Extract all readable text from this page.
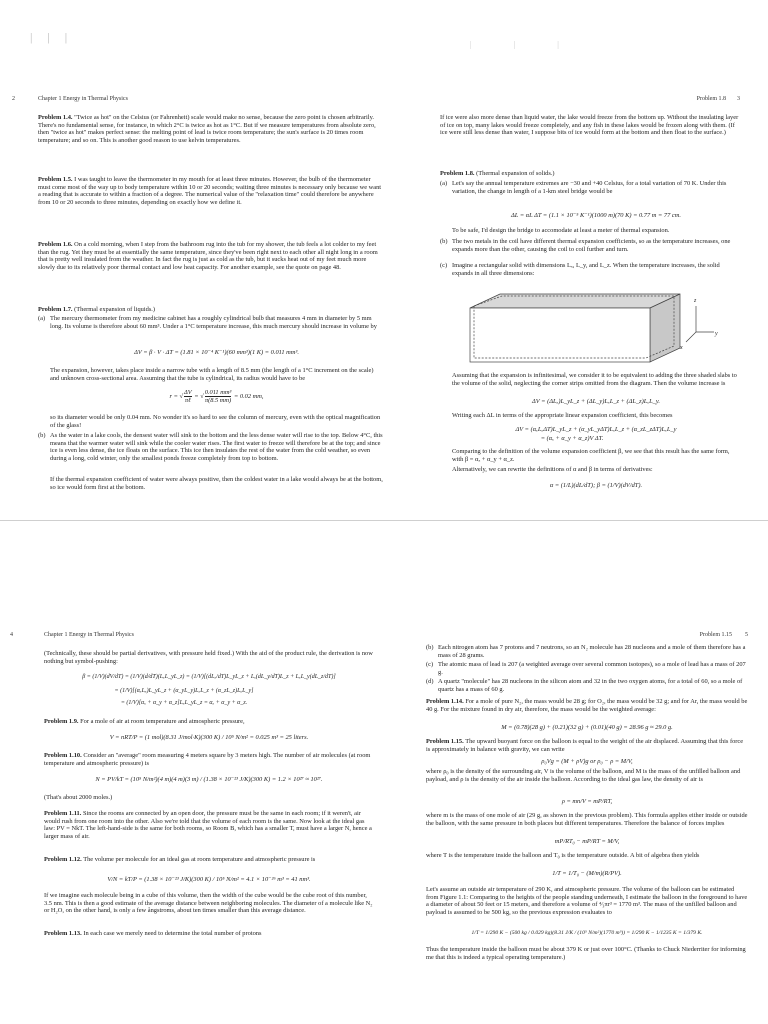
| | |
| | |
2	Chapter 1 Energy in Thermal Physics

Problem 1.4. "Twice as hot" on the Celsius (or Fahrenheit) scale would make no sense, because the zero point is chosen arbitrarily. There's no fundamental sense, for instance, in which 2°C is twice as hot as 1°C. But if we measure temperatures from absolute zero, then "twice as hot" makes perfect sense: the melting point of lead is twice room temperature; the sun's surface is 20 times room temperature; and so on. This is another good reason to use kelvin temperatures.

Problem 1.5. I was taught to leave the thermometer in my mouth for at least three minutes. However, the bulb of the thermometer must come most of the way up to body temperature within 10 or 20 seconds; waiting three minutes is necessary only because we want a reading that is accurate to within a fraction of a degree. The numerical value of the "relaxation time" could therefore be anywhere from 10 or 20 seconds to three minutes, depending on exactly how we define it.

Problem 1.6. On a cold morning, when I step from the bathroom rug into the tub for my shower, the tub feels a lot colder to my feet than the rug. Yet they must be at essentially the same temperature, since they've been right next to each other all night long in a room that is pretty well insulated from the weather. In fact the rug is just as cold as the tub, but it sucks heat out of my feet much more slowly due to its relatively poor thermal contact and low heat capacity. For another example, see the quote on page 48.

Problem 1.7. (Thermal expansion of liquids.)

(a) The mercury thermometer from my medicine cabinet has a roughly cylindrical bulb that measures 4 mm in diameter by 5 mm long. Its volume is therefore about 60 mm³. Under a 1°C temperature increase, this much mercury should increase in volume by
ΔV = β · V · ΔT = (1.81 × 10⁻⁴ K⁻¹)(60 mm³)(1 K) = 0.011 mm³.
The expansion, however, takes place inside a narrow tube with a length of 8.5 mm (the length of a 1°C increment on the scale) and unknown cross-sectional area. Assuming that the tube is cylindrical, its radius would have to be
r = √ $\frac{\Delta V}{\text{πℓ}}$ = √ $\frac{\text{0.011 mm³}}{\pi(8.5 mm)} = 0.02$ mm,
so its diameter would be only 0.04 mm. No wonder it's so hard to see the column of mercury, even with the optical magnification of the glass!
(b) As the water in a lake cools, the densest water will sink to the bottom and the less dense water will rise to the top. Below 4°C, this means that the warmer water will sink while the cooler water rises. The first water to freeze will therefore be at the top; and since ice is even less dense, the ice floats on the surface. This ice then insulates the rest of the water from the cold weather, so even during a long, cold winter, only the smallest ponds freeze completely from top to bottom.
If the thermal expansion coefficient of water were always positive, then the coldest water in a lake would always be at the bottom, so ice would form first at the bottom.
Problem 1.8 3
If ice were also more dense than liquid water, the lake would freeze from the bottom up. Without the insulating layer of ice on top, many lakes would freeze completely, and any fish in these lakes would be frozen along with them. (If ice were still less dense than water, I suppose bits of ice would form at the bottom and then float to the surface.)

Problem 1.8. (Thermal expansion of solids.)

(a) Let's say the annual temperature extremes are −30 and +40 Celsius, for a total variation of 70 K. Under this variation, the change in length of a 1-km steel bridge would be
ΔL = αL ΔT = (1.1 × 10⁻⁵ K⁻¹)(1000 m)(70 K) = 0.77 m = 77 cm.
To be safe, I'd design the bridge to accomodate at least a meter of thermal expansion.
(b) The two metals in the coil have different thermal expansion coefficients, so as the temperature increases, one expands more than the other, causing the coil to coil further and turn.
(c) Imagine a rectangular solid with dimensions Lₓ, L_y, and L_z. When the temperature increases, the solid expands in all three dimensions:
z
y
x
Assuming that the expansion is infinitesimal, we consider it to be equivalent to adding the three shaded slabs to the volume of the solid, neglecting the corner strips omitted from the diagram. Then the volume increase is
ΔV = (ΔLₓ)L_yL_z + (ΔL_y)LₓL_z + (ΔL_z)LₓL_y.
Writing each ΔL in terms of the appropriate linear expansion coefficient, this becomes
ΔV = (αₓLₓΔT)L_yL_z + (α_yL_yΔT)LₓL_z + (α_zL_zΔT)LₓL_y
= (αₓ + α_y + α_z)V ΔT.
Comparing to the definition of the volume expansion coefficient β, we see that this result has the same form, with β = αₓ + α_y + α_z.
Alternatively, we can rewrite the definitions of α and β in terms of derivatives:
α = (1/L)(dL/dT); β = (1/V)(dV/dT).
4	Chapter 1 Energy in Thermal Physics
(Technically, these should be partial derivatives, with pressure held fixed.) With the aid of the product rule, the derivation is now nothing but symbol-pushing:
β = (1/V)(dV/dT) = (1/V)(d/dT)(LₓL_yL_z) = (1/V)[(dLₓ/dT)L_yL_z + Lₓ(dL_y/dT)L_z + LₓL_y(dL_z/dT)]
= (1/V)[(αₓLₓ)L_yL_z + (α_yL_y)LₓL_z + (α_zL_z)LₓL_y]
= (1/V)[αₓ + α_y + α_z]LₓL_yL_z = αₓ + α_y + α_z.

Problem 1.9. For a mole of air at room temperature and atmospheric pressure,

V = nRT/P = (1 mol)(8.31 J/mol·K)(300 K) / 10⁵ N/m² = 0.025 m³ = 25 liters.

Problem 1.10. Consider an "average" room measuring 4 meters square by 3 meters high. The number of air molecules (at room temperature and atmospheric pressure) is

N = PV/kT = (10⁵ N/m²)(4 m)(4 m)(3 m) / (1.38 × 10⁻²³ J/K)(300 K) = 1.2 × 10²⁷ ≈ 10²⁷.
(That's about 2000 moles.)

Problem 1.11. Since the rooms are connected by an open door, the pressure must be the same in each room; if it weren't, air would rush from one room into the other. Also we're told that the volume of each room is the same. Now look at the ideal gas law: PV = NkT. The left-hand-side is the same for both rooms, so Room B, which has a smaller T, must have a larger N, hence a larger mass of air.

Problem 1.12. The volume per molecule for an ideal gas at room temperature and atmospheric pressure is

V/N = kT/P = (1.38 × 10⁻²³ J/K)(300 K) / 10⁵ N/m² = 4.1 × 10⁻²⁶ m³ = 41 nm³.
If we imagine each molecule being in a cube of this volume, then the width of the cube would be the cube root of this number, 3.5 nm. This is then a good estimate of the average distance between neighboring molecules. The diameter of a molecule like N₂ or H₂O, on the other hand, is only a few ångstroms, about ten times smaller than this average distance.

Problem 1.13. In each case we merely need to determine the total number of protons

Problem 1.15 5
(b) Each nitrogen atom has 7 protons and 7 neutrons, so an N₂ molecule has 28 nucleons and a mole of them therefore has a mass of 28 grams.
(c) The atomic mass of lead is 207 (a weighted average over several common isotopes), so a mole of lead has a mass of 207 g.
(d) A quartz "molecule" has 28 nucleons in the silicon atom and 32 in the two oxygen atoms, for a total of 60, so a mole of quartz has a mass of 60 g.

Problem 1.14. For a mole of pure N₂, the mass would be 28 g; for O₂, the mass would be 32 g; and for Ar, the mass would be 40 g. For the mixture found in dry air, therefore, the mass would be the weighted average:

M = (0.78)(28 g) + (0.21)(32 g) + (0.01)(40 g) = 28.96 g ≈ 29.0 g.

Problem 1.15. The upward buoyant force on the balloon is equal to the weight of the air displaced. Assuming that this force is approximately in balance with gravity, we can write

ρ₀Vg = (M + ρV)g or ρ₀ − ρ = M/V,
where ρ₀ is the density of the surrounding air, V is the volume of the balloon, and M is the mass of the unfilled balloon and payload, and ρ is the density of the air inside the balloon. According to the ideal gas law, the density of air is
ρ = mn/V = mP/RT,
where m is the mass of one mole of air (29 g, as shown in the previous problem). This formula applies either inside or outside the balloon, with the same pressure in both places but different temperatures. Therefore the balance of forces implies
mP/RT₀ − mP/RT = M/V,
where T is the temperature inside the balloon and T₀ is the temperature outside. A bit of algebra then yields
1/T = 1/T₀ − (M/m)(R/PV).
Let's assume an outside air temperature of 290 K, and atmospheric pressure. The volume of the balloon can be estimated from Figure 1.1: Comparing to the heights of the people standing underneath, I estimate the balloon in the foreground to have a diameter of about 50 feet or 15 meters, and therefore a volume of ⁴⁄₃πr³ = 1770 m³. The mass of the unfilled balloon and payload is assumed to be 500 kg, so the previous expression evaluates to
1/T = 1/290 K − (500 kg / 0.029 kg)(8.31 J/K / (10⁵ N/m²)(1770 m³)) = 1/290 K − 1/1235 K = 1/379 K.
Thus the temperature inside the balloon must be about 379 K or just over 100°C. (Thanks to Chuck Niederriter for informing me that this is indeed a typical operating temperature.)
